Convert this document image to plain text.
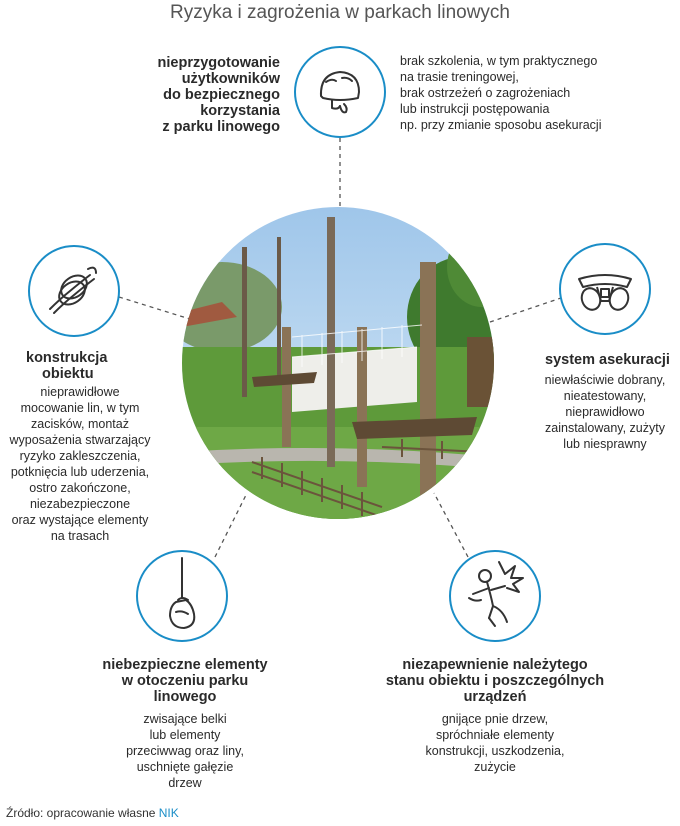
Ryzyka i zagrożenia w parkach linowych
nieprzygotowanie
użytkowników
do bezpiecznego korzystania
z parku linowego
brak szkolenia, w tym praktycznego
na trasie treningowej,
brak ostrzeżeń o zagrożeniach
lub instrukcji postępowania
np. przy zmianie sposobu asekuracji
konstrukcja
obiektu
nieprawidłowe
mocowanie lin, w tym
zacisków, montaż
wyposażenia stwarzający
ryzyko zakleszczenia,
potknięcia lub uderzenia,
ostro zakończone,
niezabezpieczone
oraz wystające elementy
na trasach
system asekuracji
niewłaściwie dobrany,
nieatestowany,
nieprawidłowo
zainstalowany, zużyty
lub niesprawny
niebezpieczne elementy
w otoczeniu parku
linowego
zwisające belki
lub elementy
przeciwwag oraz liny,
uschnięte gałęzie
drzew
niezapewnienie należytego
stanu obiektu i poszczególnych
urządzeń
gnijące pnie drzew,
spróchniałe elementy
konstrukcji, uszkodzenia,
zużycie
Źródło: opracowanie własne NIK
